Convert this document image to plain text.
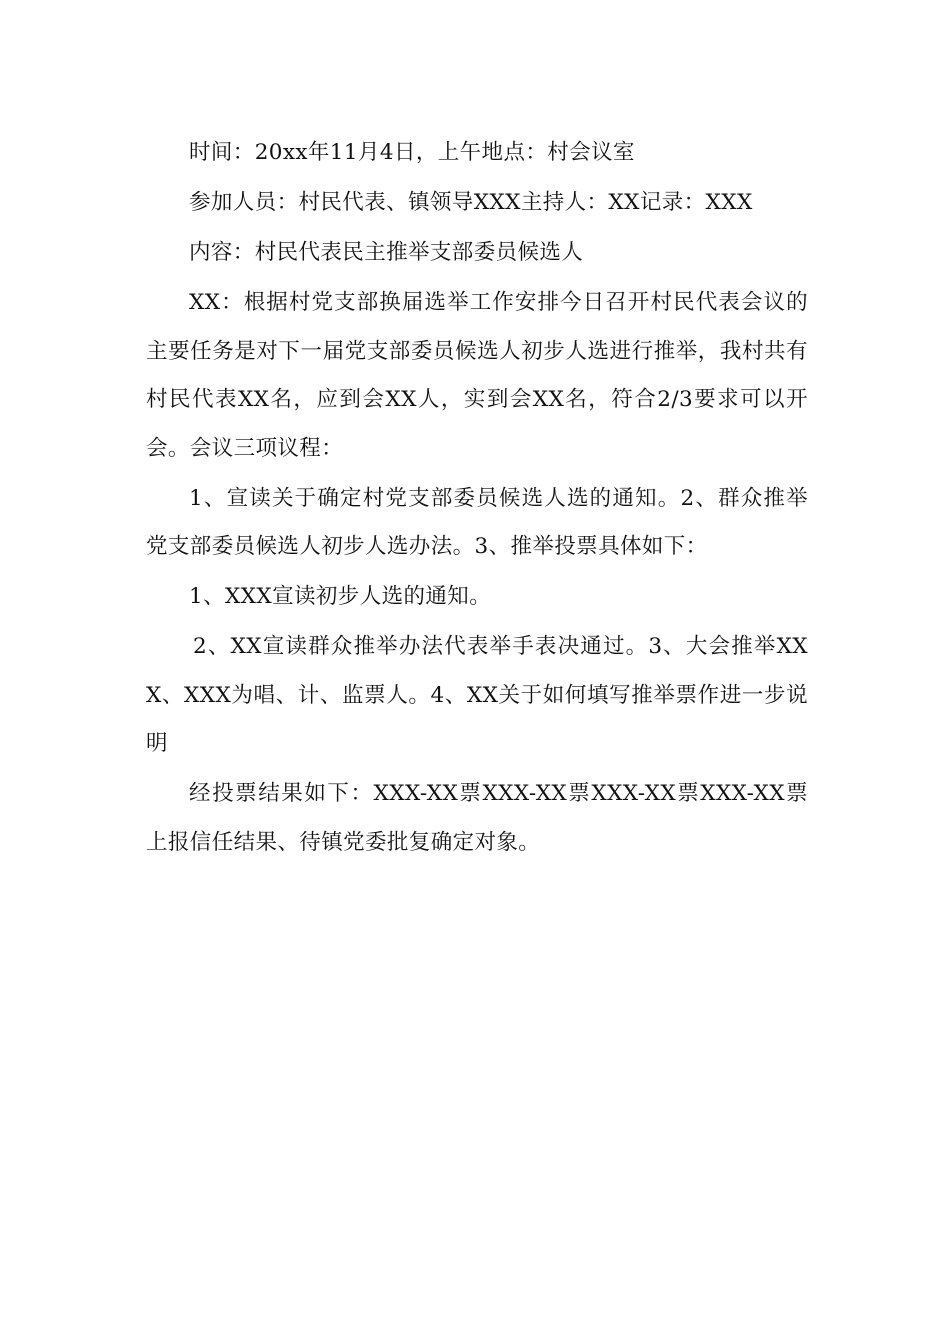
时间：20xx年11月4日，上午地点：村会议室

参加人员：村民代表、镇领导XXX主持人：XX记录：XXX

内容：村民代表民主推举支部委员候选人

XX：根据村党支部换届选举工作安排今日召开村民代表会议的主要任务是对下一届党支部委员候选人初步人选进行推举，我村共有村民代表XX名，应到会XX人，实到会XX名，符合2/3要求可以开会。会议三项议程：

1、宣读关于确定村党支部委员候选人选的通知。2、群众推举党支部委员候选人初步人选办法。3、推举投票具体如下：

1、XXX宣读初步人选的通知。

2、XX宣读群众推举办法代表举手表决通过。3、大会推举XXX、XXX为唱、计、监票人。4、XX关于如何填写推举票作进一步说明

经投票结果如下：XXX-XX票XXX-XX票XXX-XX票XXX-XX票上报信任结果、待镇党委批复确定对象。
